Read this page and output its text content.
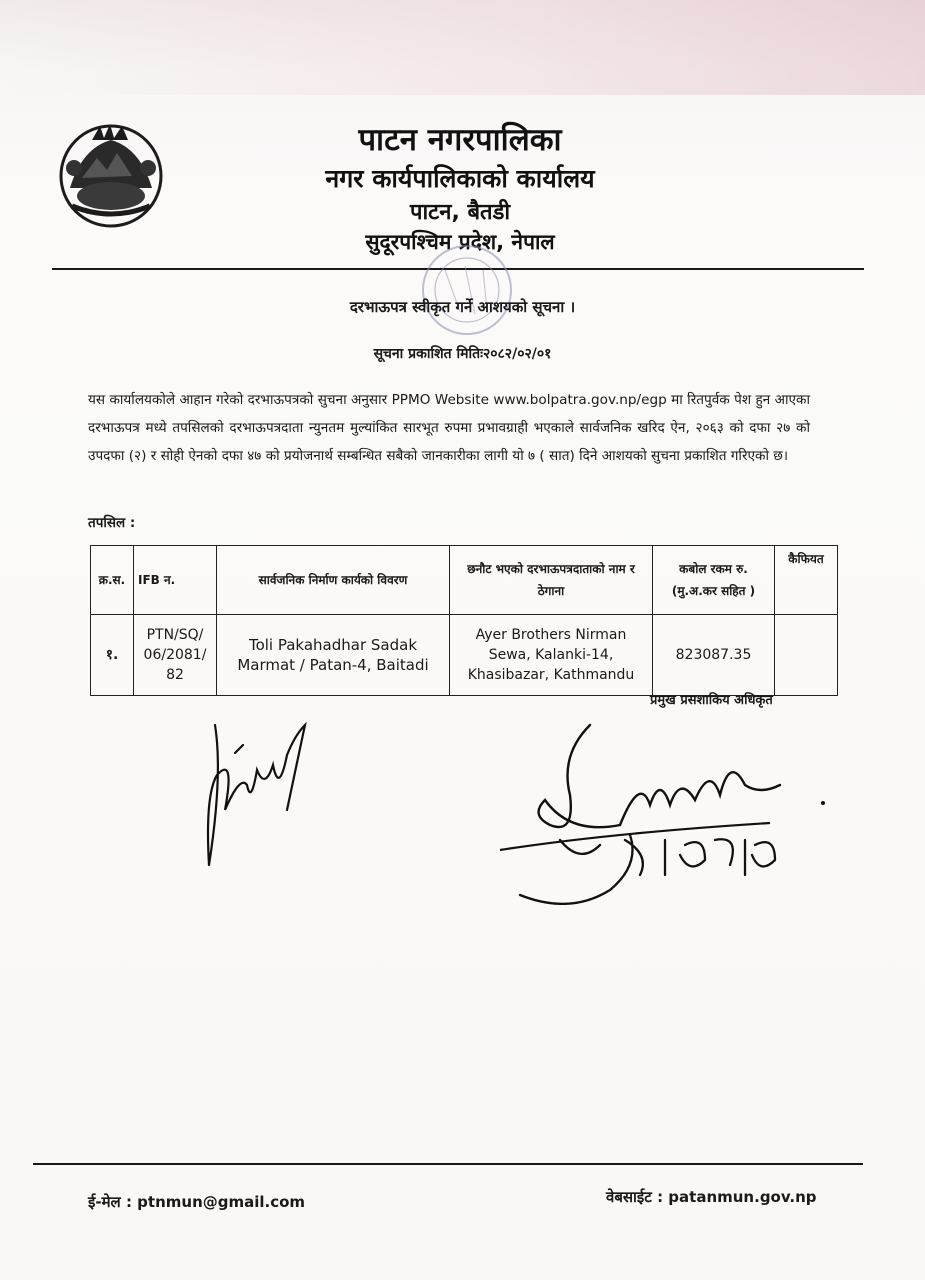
पाटन नगरपालिका
नगर कार्यपालिकाको कार्यालय
पाटन, बैतडी
सुदूरपश्चिम प्रदेश, नेपाल
दरभाऊपत्र स्वीकृत गर्ने आशयको सूचना ।
सूचना प्रकाशित मितिः२०८२/०२/०१
यस कार्यालयकोले आहान गरेको दरभाऊपत्रको सुचना अनुसार PPMO Website www.bolpatra.gov.np/egp मा रितपुर्वक पेश हुन आएका दरभाऊपत्र मध्ये तपसिलको दरभाऊपत्रदाता न्युनतम मुल्यांकित सारभूत रुपमा प्रभावग्राही भएकाले सार्वजनिक खरिद ऐन, २०६३ को दफा २७ को उपदफा (२) र सोही ऐनको दफा ४७ को प्रयोजनार्थ सम्बन्धित सबैको जानकारीका लागी यो ७ ( सात) दिने आशयको सुचना प्रकाशित गरिएको छ।
तपसिल :
क्र.स.	IFB न.	सार्वजनिक निर्माण कार्यको विवरण	छनौट भएको दरभाऊपत्रदाताको नाम र ठेगाना	कबोल रकम रु. (मु.अ.कर सहित )	कैफियत
१.	PTN/SQ/ 06/2081/ 82	Toli Pakahadhar Sadak Marmat / Patan-4, Baitadi	Ayer Brothers Nirman Sewa, Kalanki-14, Khasibazar, Kathmandu	823087.35	
प्रमुख प्रसशाकिय अधिकृत
ई-मेल : ptnmun@gmail.com	वेबसाईट : patanmun.gov.np
